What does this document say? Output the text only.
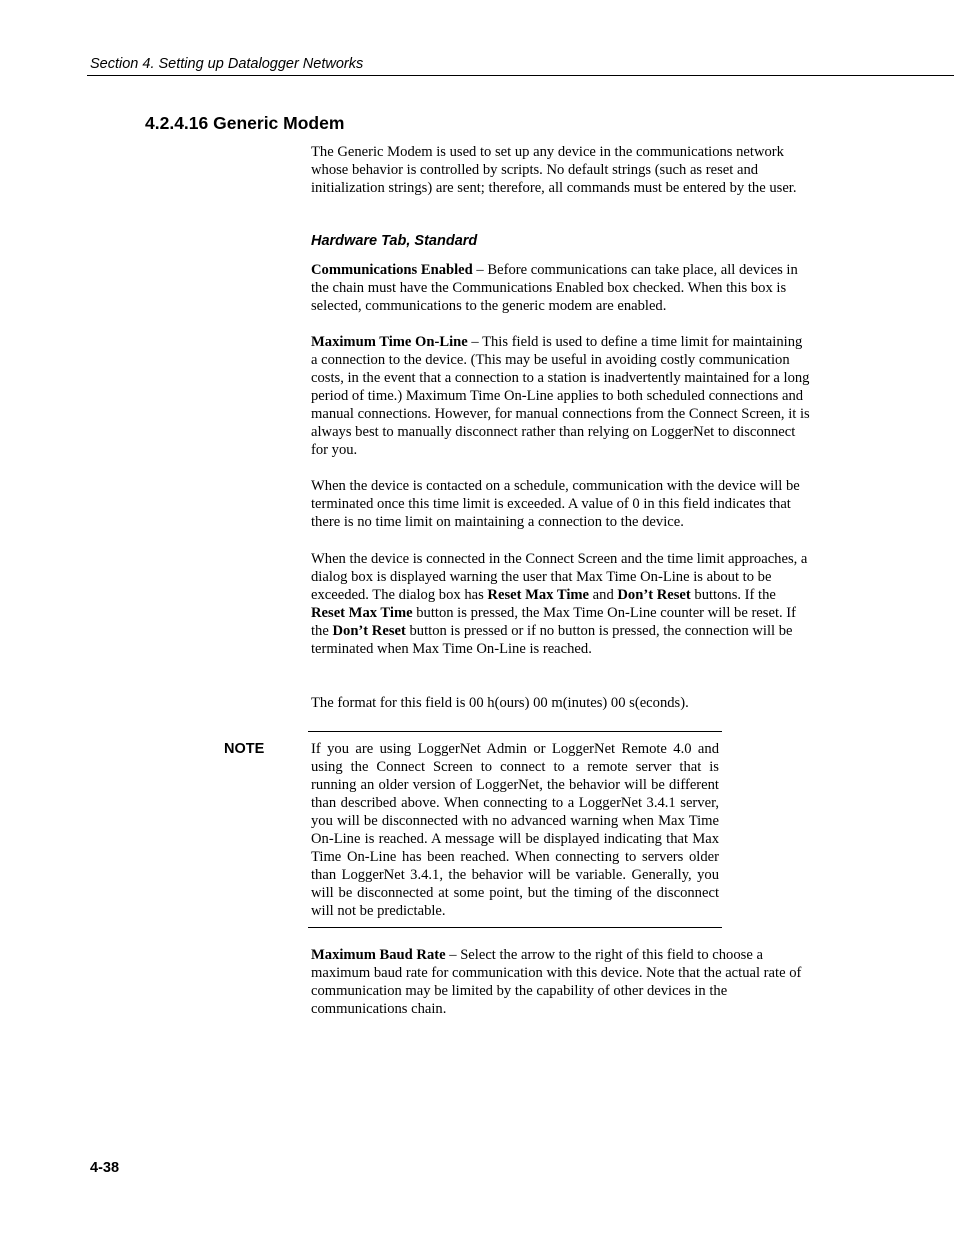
Section 4. Setting up Datalogger Networks
4.2.4.16 Generic Modem

The Generic Modem is used to set up any device in the communications network whose behavior is controlled by scripts. No default strings (such as reset and initialization strings) are sent; therefore, all commands must be entered by the user.

Hardware Tab, Standard

Communications Enabled – Before communications can take place, all devices in the chain must have the Communications Enabled box checked. When this box is selected, communications to the generic modem are enabled.

Maximum Time On-Line – This field is used to define a time limit for maintaining a connection to the device. (This may be useful in avoiding costly communication costs, in the event that a connection to a station is inadvertently maintained for a long period of time.) Maximum Time On-Line applies to both scheduled connections and manual connections. However, for manual connections from the Connect Screen, it is always best to manually disconnect rather than relying on LoggerNet to disconnect for you.

When the device is contacted on a schedule, communication with the device will be terminated once this time limit is exceeded. A value of 0 in this field indicates that there is no time limit on maintaining a connection to the device.

When the device is connected in the Connect Screen and the time limit approaches, a dialog box is displayed warning the user that Max Time On-Line is about to be exceeded. The dialog box has Reset Max Time and Don’t Reset buttons. If the Reset Max Time button is pressed, the Max Time On-Line counter will be reset. If the Don’t Reset button is pressed or if no button is pressed, the connection will be terminated when Max Time On-Line is reached.

The format for this field is 00 h(ours) 00 m(inutes) 00 s(econds).

NOTE	If you are using LoggerNet Admin or LoggerNet Remote 4.0 and using the Connect Screen to connect to a remote server that is running an older version of LoggerNet, the behavior will be different than described above. When connecting to a LoggerNet 3.4.1 server, you will be disconnected with no advanced warning when Max Time On-Line is reached. A message will be displayed indicating that Max Time On-Line has been reached. When connecting to servers older than LoggerNet 3.4.1, the behavior will be variable. Generally, you will be disconnected at some point, but the timing of the disconnect will not be predictable.

Maximum Baud Rate – Select the arrow to the right of this field to choose a maximum baud rate for communication with this device. Note that the actual rate of communication may be limited by the capability of other devices in the communications chain.

4-38
